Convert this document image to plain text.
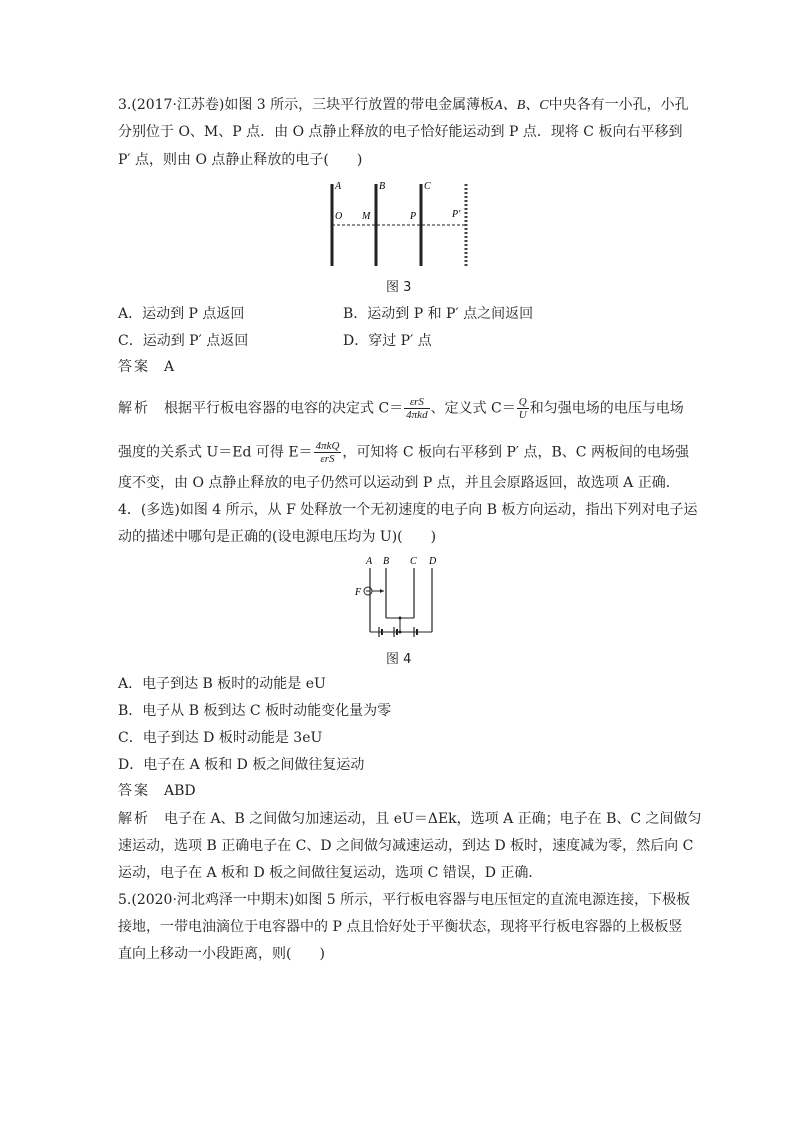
3.(2017·江苏卷)如图 3 所示，三块平行放置的带电金属薄板A、B、C中央各有一小孔，小孔
分别位于 O、M、P 点．由 O 点静止释放的电子恰好能运动到 P 点．现将 C 板向右平移到
P′ 点，则由 O 点静止释放的电子(　　)
A	B	C
O M	P	P′
图 3
A．运动到 P 点返回	B．运动到 P 和 P′ 点之间返回
C．运动到 P′ 点返回	D．穿过 P′ 点
答案　 A
解析　 根据平行板电容器的电容的决定式 $C= \frac{\text{εrS}}{\text{4πkd}}$ 、定义式 $C= \frac{Q}{U}$ 和匀强电场的电压与电场
强度的关系式 U＝Ed 可得 $E= \frac{\text{4πkQ}}{\text{εrS}}$ ，可知将 C 板向右平移到 P′ 点，B、C 两板间的电场强
度不变，由 O 点静止释放的电子仍然可以运动到 P 点，并且会原路返回，故选项 A 正确．
4．(多选)如图 4 所示，从 F 处释放一个无初速度的电子向 B 板方向运动，指出下列对电子运
动的描述中哪句是正确的(设电源电压均为 U)(　　)
A B C D
F
图 4
A．电子到达 B 板时的动能是 eU
B．电子从 B 板到达 C 板时动能变化量为零
C．电子到达 D 板时动能是 3eU
D．电子在 A 板和 D 板之间做往复运动
答案　 ABD
解析　 电子在 A、B 之间做匀加速运动，且 eU＝ΔEk，选项 A 正确；电子在 B、C 之间做匀
速运动，选项 B 正确电子在 C、D 之间做匀减速运动，到达 D 板时，速度减为零，然后向 C
运动，电子在 A 板和 D 板之间做往复运动，选项 C 错误，D 正确．
5.(2020·河北鸡泽一中期末)如图 5 所示，平行板电容器与电压恒定的直流电源连接，下极板
接地，一带电油滴位于电容器中的 P 点且恰好处于平衡状态，现将平行板电容器的上极板竖
直向上移动一小段距离，则(　　)
